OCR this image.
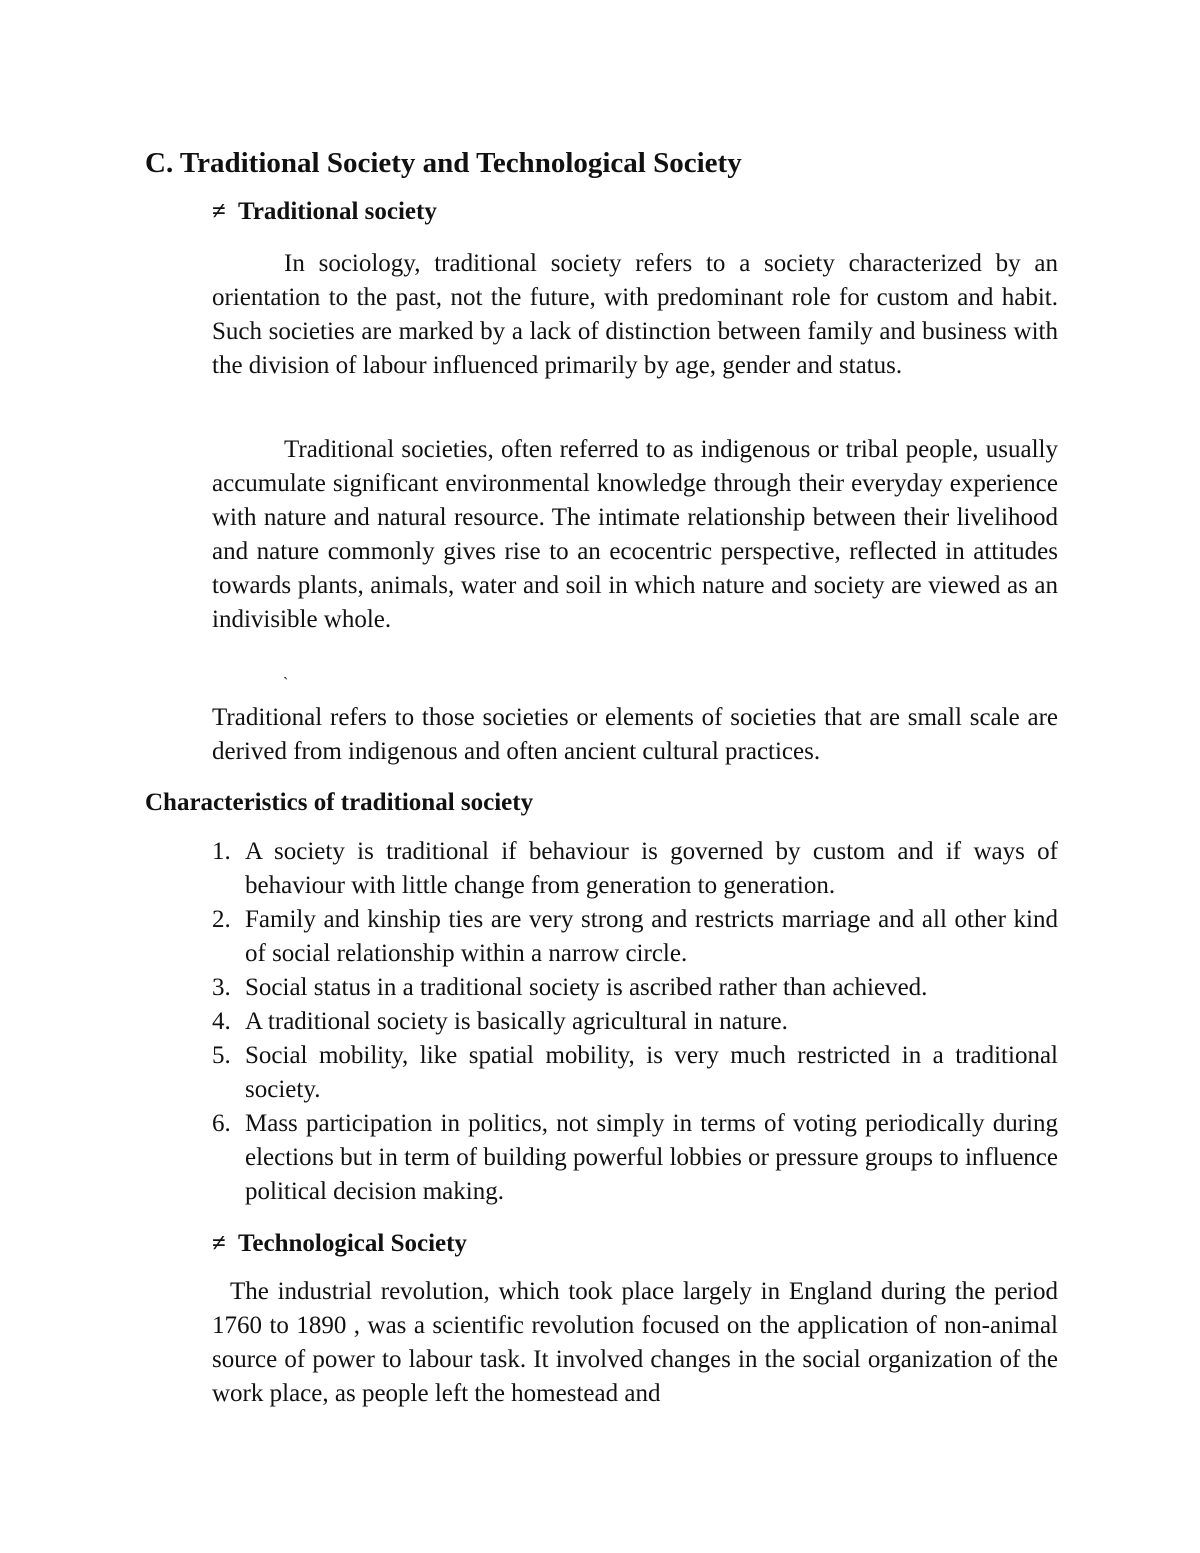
C. Traditional Society and Technological Society
≠ Traditional society

In sociology, traditional society refers to a society characterized by an orientation to the past, not the future, with predominant role for custom and habit. Such societies are marked by a lack of distinction between family and business with the division of labour influenced primarily by age, gender and status.

Traditional societies, often referred to as indigenous or tribal people, usually accumulate significant environmental knowledge through their everyday experience with nature and natural resource. The intimate relationship between their livelihood and nature commonly gives rise to an ecocentric perspective, reflected in attitudes towards plants, animals, water and soil in which nature and society are viewed as an indivisible whole.

ˏ

Traditional refers to those societies or elements of societies that are small scale are derived from indigenous and often ancient cultural practices.

Characteristics of traditional society
1. A society is traditional if behaviour is governed by custom and if ways of behaviour with little change from generation to generation.
2. Family and kinship ties are very strong and restricts marriage and all other kind of social relationship within a narrow circle.
3. Social status in a traditional society is ascribed rather than achieved.
4. A traditional society is basically agricultural in nature.
5. Social mobility, like spatial mobility, is very much restricted in a traditional society.
6. Mass participation in politics, not simply in terms of voting periodically during elections but in term of building powerful lobbies or pressure groups to influence political decision making.
≠ Technological Society

The industrial revolution, which took place largely in England during the period 1760 to 1890 , was a scientific revolution focused on the application of non-animal source of power to labour task. It involved changes in the social organization of the work place, as people left the homestead and
